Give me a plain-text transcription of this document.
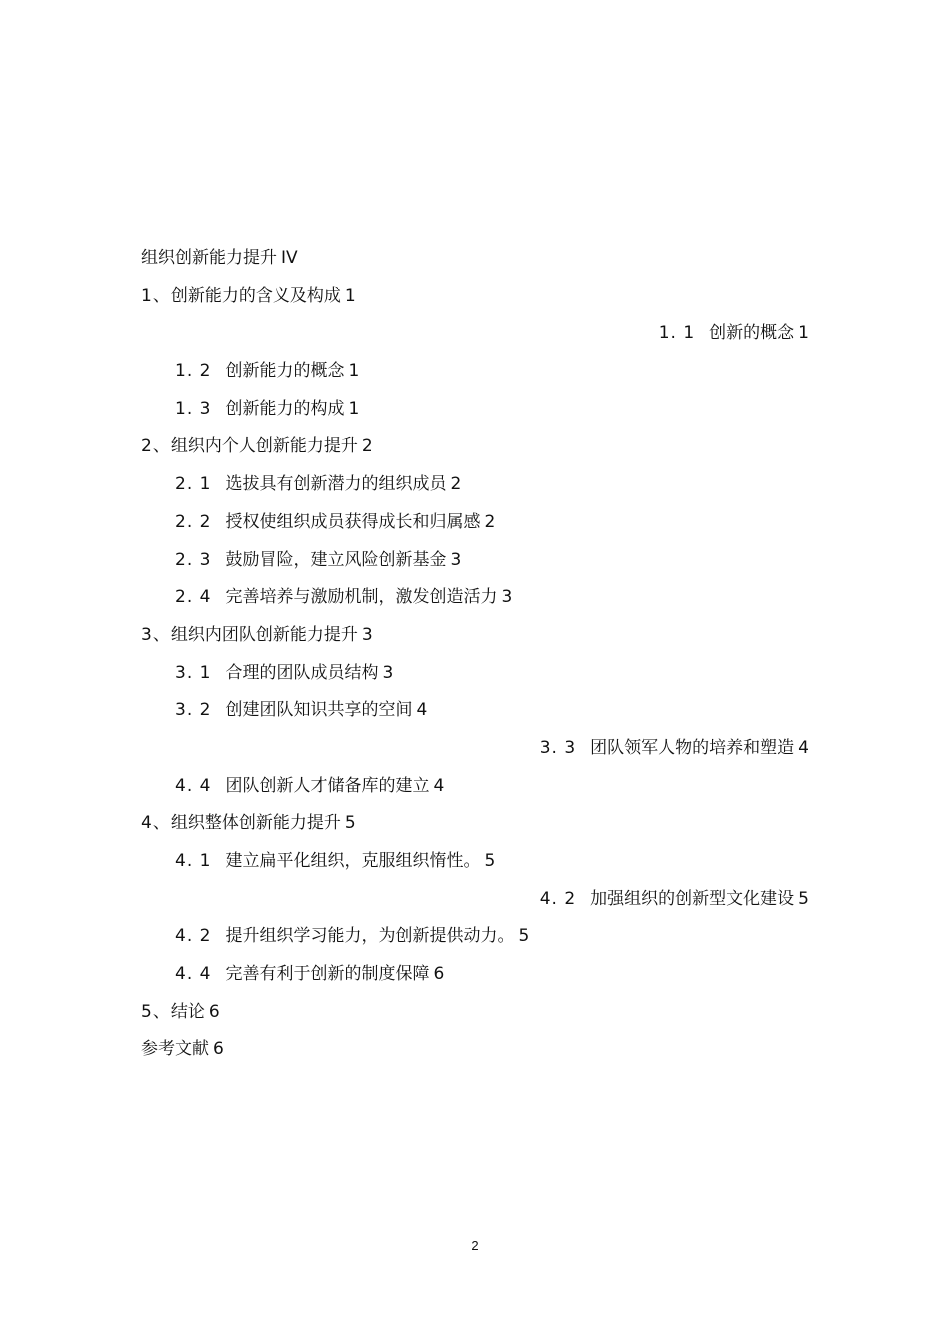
组织创新能力提升 IV
1、创新能力的含义及构成 1
1. 1 创新的概念 1
1. 2 创新能力的概念 1
1. 3 创新能力的构成 1
2、组织内个人创新能力提升 2
2. 1 选拔具有创新潜力的组织成员 2
2. 2 授权使组织成员获得成长和归属感 2
2. 3 鼓励冒险，建立风险创新基金 3
2. 4 完善培养与激励机制，激发创造活力 3
3、组织内团队创新能力提升 3
3. 1 合理的团队成员结构 3
3. 2 创建团队知识共享的空间 4
3. 3 团队领军人物的培养和塑造 4
4. 4 团队创新人才储备库的建立 4
4、组织整体创新能力提升 5
4. 1 建立扁平化组织，克服组织惰性。 5
4. 2 加强组织的创新型文化建设 5
4. 2 提升组织学习能力，为创新提供动力。 5
4. 4 完善有利于创新的制度保障 6
5、结论 6
参考文献 6
2
